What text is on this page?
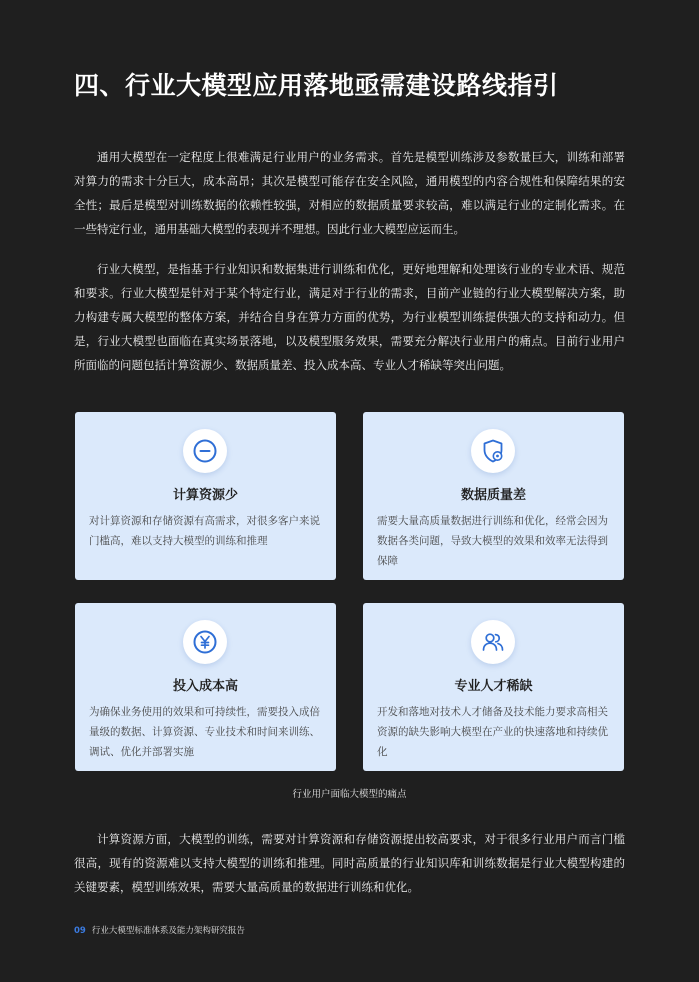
四、行业大模型应用落地亟需建设路线指引

通用大模型在一定程度上很难满足行业用户的业务需求。首先是模型训练涉及参数量巨大，训练和部署对算力的需求十分巨大，成本高昂；其次是模型可能存在安全风险，通用模型的内容合规性和保障结果的安全性；最后是模型对训练数据的依赖性较强，对相应的数据质量要求较高，难以满足行业的定制化需求。在一些特定行业，通用基础大模型的表现并不理想。因此行业大模型应运而生。

行业大模型，是指基于行业知识和数据集进行训练和优化，更好地理解和处理该行业的专业术语、规范和要求。行业大模型是针对于某个特定行业，满足对于行业的需求，目前产业链的行业大模型解决方案，助力构建专属大模型的整体方案，并结合自身在算力方面的优势，为行业模型训练提供强大的支持和动力。但是，行业大模型也面临在真实场景落地，以及模型服务效果，需要充分解决行业用户的痛点。目前行业用户所面临的问题包括计算资源少、数据质量差、投入成本高、专业人才稀缺等突出问题。

计算资源少

对计算资源和存储资源有高需求，对很多客户来说门槛高，难以支持大模型的训练和推理

数据质量差

需要大量高质量数据进行训练和优化，经常会因为数据各类问题，导致大模型的效果和效率无法得到保障

投入成本高

为确保业务使用的效果和可持续性，需要投入成倍量级的数据、计算资源、专业技术和时间来训练、调试、优化并部署实施

专业人才稀缺

开发和落地对技术人才储备及技术能力要求高相关资源的缺失影响大模型在产业的快速落地和持续优化

行业用户面临大模型的痛点

计算资源方面，大模型的训练，需要对计算资源和存储资源提出较高要求，对于很多行业用户而言门槛很高，现有的资源难以支持大模型的训练和推理。同时高质量的行业知识库和训练数据是行业大模型构建的关键要素，模型训练效果，需要大量高质量的数据进行训练和优化。

09 行业大模型标准体系及能力架构研究报告
